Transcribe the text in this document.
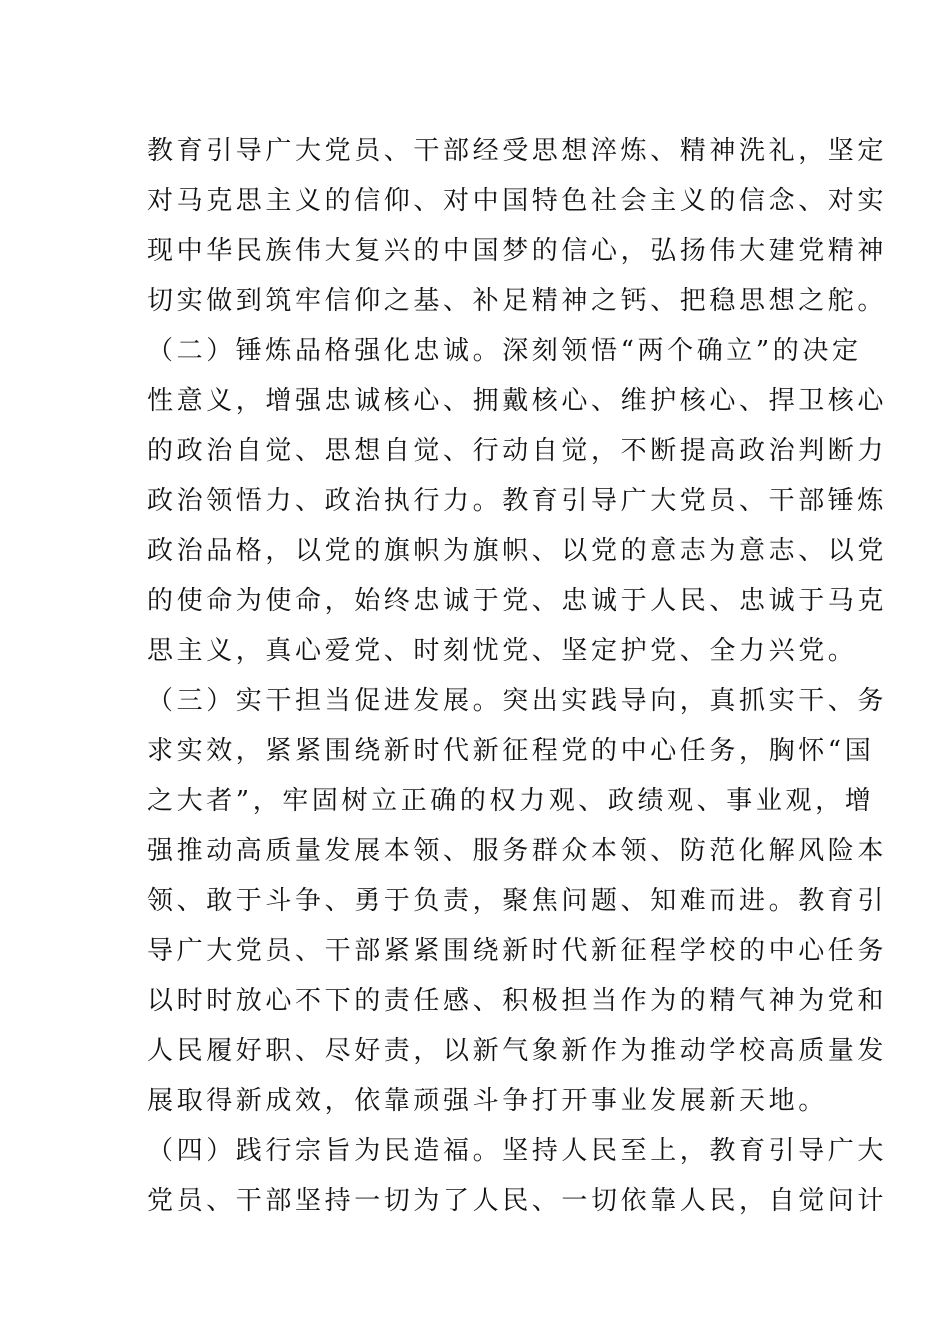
教育引导广大党员、干部经受思想淬炼、精神洗礼，坚定
对马克思主义的信仰、对中国特色社会主义的信念、对实
现中华民族伟大复兴的中国梦的信心，弘扬伟大建党精神
切实做到筑牢信仰之基、补足精神之钙、把稳思想之舵。
（二）锤炼品格强化忠诚。深刻领悟“两个确立”的决定
性意义，增强忠诚核心、拥戴核心、维护核心、捍卫核心
的政治自觉、思想自觉、行动自觉，不断提高政治判断力
政治领悟力、政治执行力。教育引导广大党员、干部锤炼
政治品格，以党的旗帜为旗帜、以党的意志为意志、以党
的使命为使命，始终忠诚于党、忠诚于人民、忠诚于马克
思主义，真心爱党、时刻忧党、坚定护党、全力兴党。
（三）实干担当促进发展。突出实践导向，真抓实干、务
求实效，紧紧围绕新时代新征程党的中心任务，胸怀“国
之大者”，牢固树立正确的权力观、政绩观、事业观，增
强推动高质量发展本领、服务群众本领、防范化解风险本
领、敢于斗争、勇于负责，聚焦问题、知难而进。教育引
导广大党员、干部紧紧围绕新时代新征程学校的中心任务
以时时放心不下的责任感、积极担当作为的精气神为党和
人民履好职、尽好责，以新气象新作为推动学校高质量发
展取得新成效，依靠顽强斗争打开事业发展新天地。
（四）践行宗旨为民造福。坚持人民至上，教育引导广大
党员、干部坚持一切为了人民、一切依靠人民，自觉问计
